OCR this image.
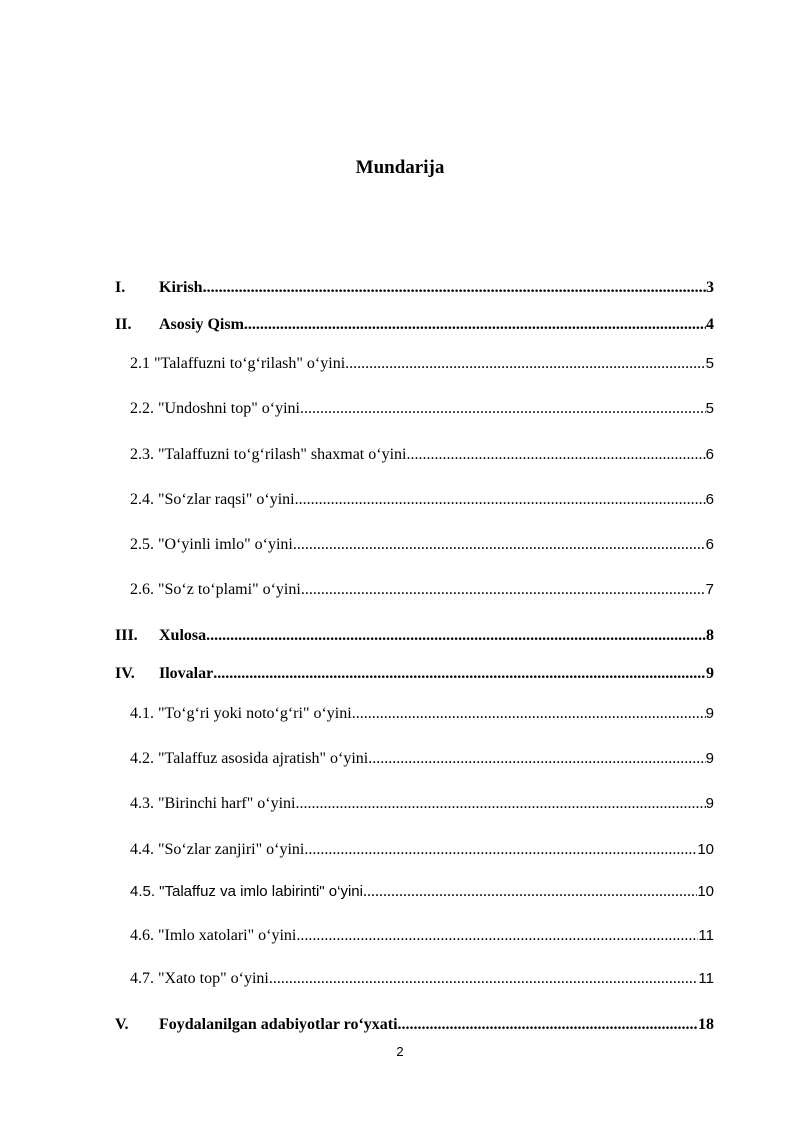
Mundarija
I.	Kirish .....	3
II.	Asosiy Qism .....	4
2.1 "Talaffuzni to‘g‘rilash" o‘yini .....	5
2.2. "Undoshni top" o‘yini .....	5
2.3. "Talaffuzni to‘g‘rilash" shaxmat o‘yini .....	6
2.4. "So‘zlar raqsi" o‘yini .....	6
2.5. "O‘yinli imlo" o‘yini .....	6
2.6. "So‘z to‘plami" o‘yini .....	7
III.	Xulosa .....	8
IV.	Ilovalar .....	9
4.1. "To‘g‘ri yoki noto‘g‘ri" o‘yini .....	9
4.2. "Talaffuz asosida ajratish" o‘yini .....	9
4.3. "Birinchi harf" o‘yini .....	9
4.4. "So‘zlar zanjiri" o‘yini .....	10
4.5. "Talaffuz va imlo labirinti" o‘yini .....	10
4.6. "Imlo xatolari" o‘yini .....	11
4.7. "Xato top" o‘yini .....	11
V.	Foydalanilgan adabiyotlar ro‘yxati .....	18
2
